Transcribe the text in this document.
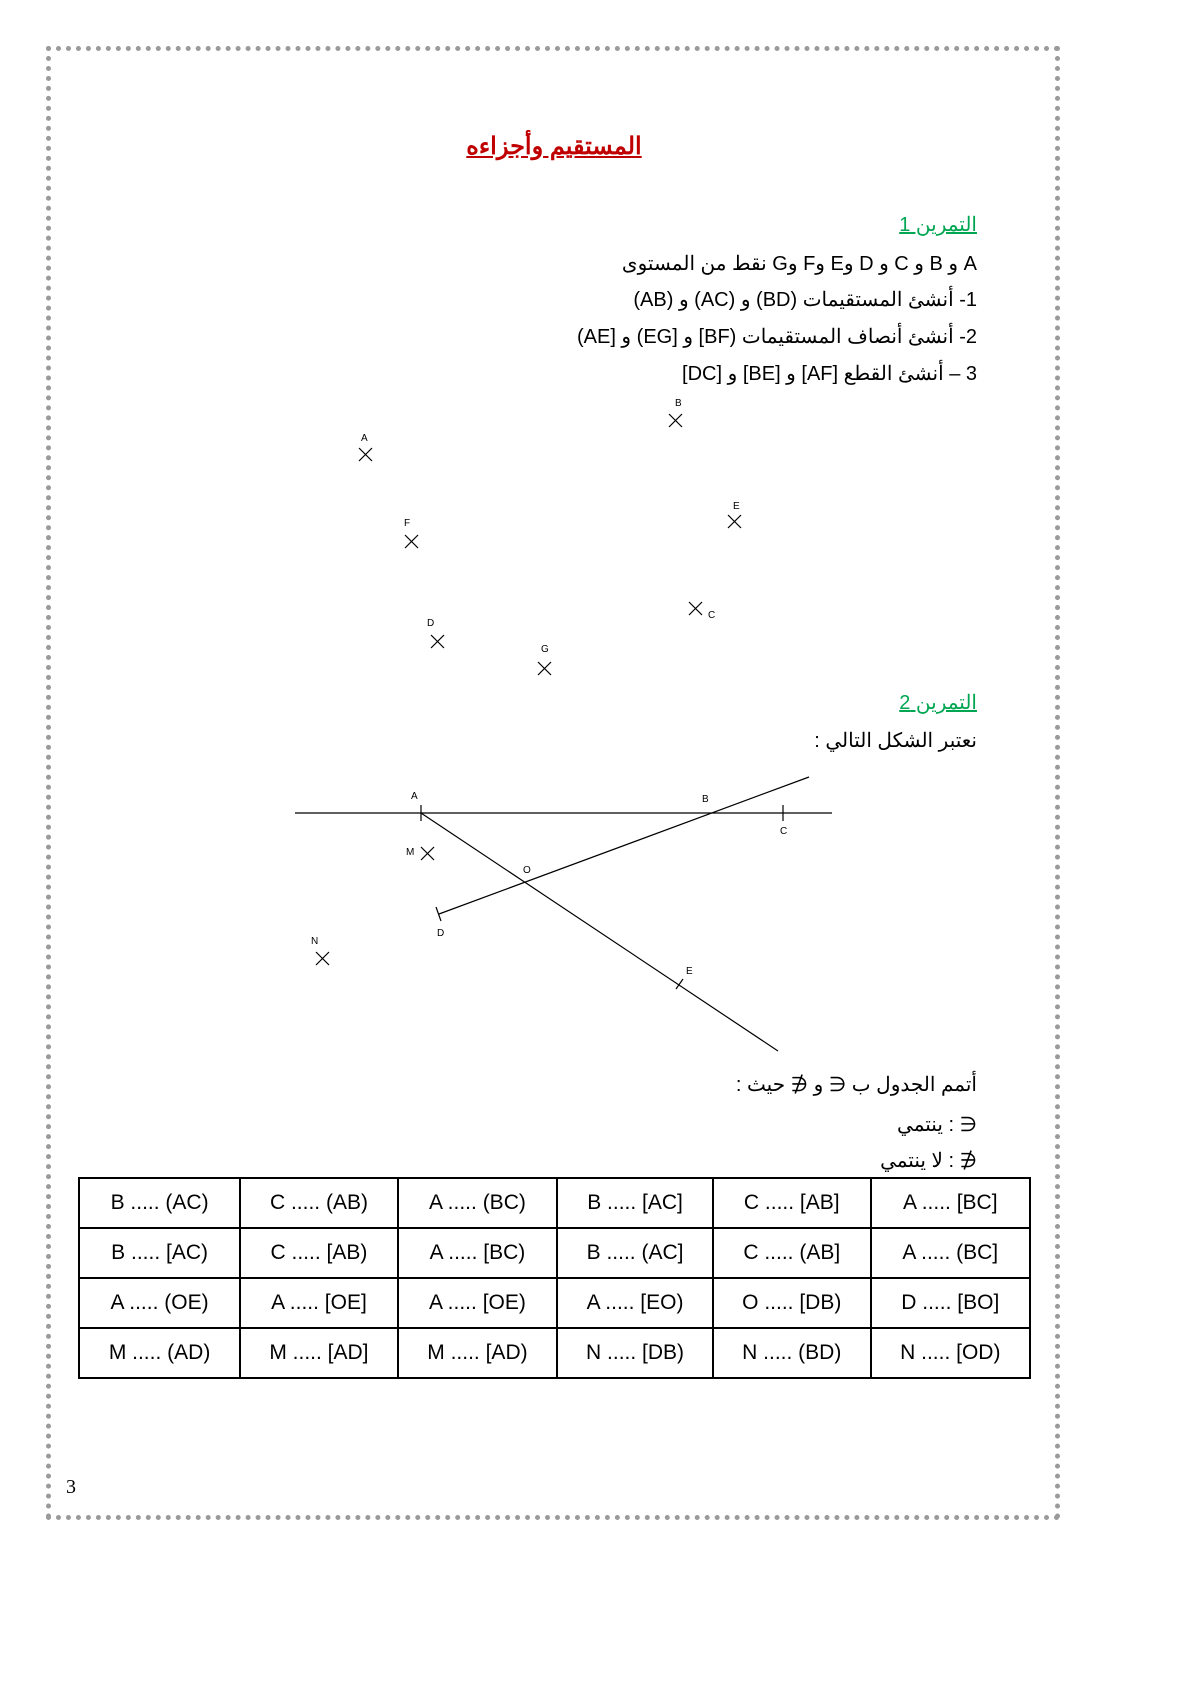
المستقيم وأجزاءه
التمرين 1
A و B و C و D وE وF وG نقط من المستوى
1- أنشئ المستقيمات (BD) و (AC) و (AB)
2- أنشئ أنصاف المستقيمات (BF] و [EG) و [AE)
3 – أنشئ القطع [AF] و [BE] و [DC]
التمرين 2
نعتبر الشكل التالي :
أتمم الجدول ب ∈ و ∉ حيث :
∈ : ينتمي
∉ : لا ينتمي
A
B
C
D
E
F
G
A	B
C
M
O
D
N
E
B ..... (AC)	C ..... (AB)	A ..... (BC)	B ..... [AC]	C ..... [AB]	A ..... [BC]
B ..... [AC)	C ..... [AB)	A ..... [BC)	B ..... (AC]	C ..... (AB]	A ..... (BC]
A ..... (OE)	A ..... [OE]	A ..... [OE)	A ..... [EO)	O ..... [DB)	D ..... [BO]
M ..... (AD)	M ..... [AD]	M ..... [AD)	N ..... [DB)	N ..... (BD)	N ..... [OD)
3
